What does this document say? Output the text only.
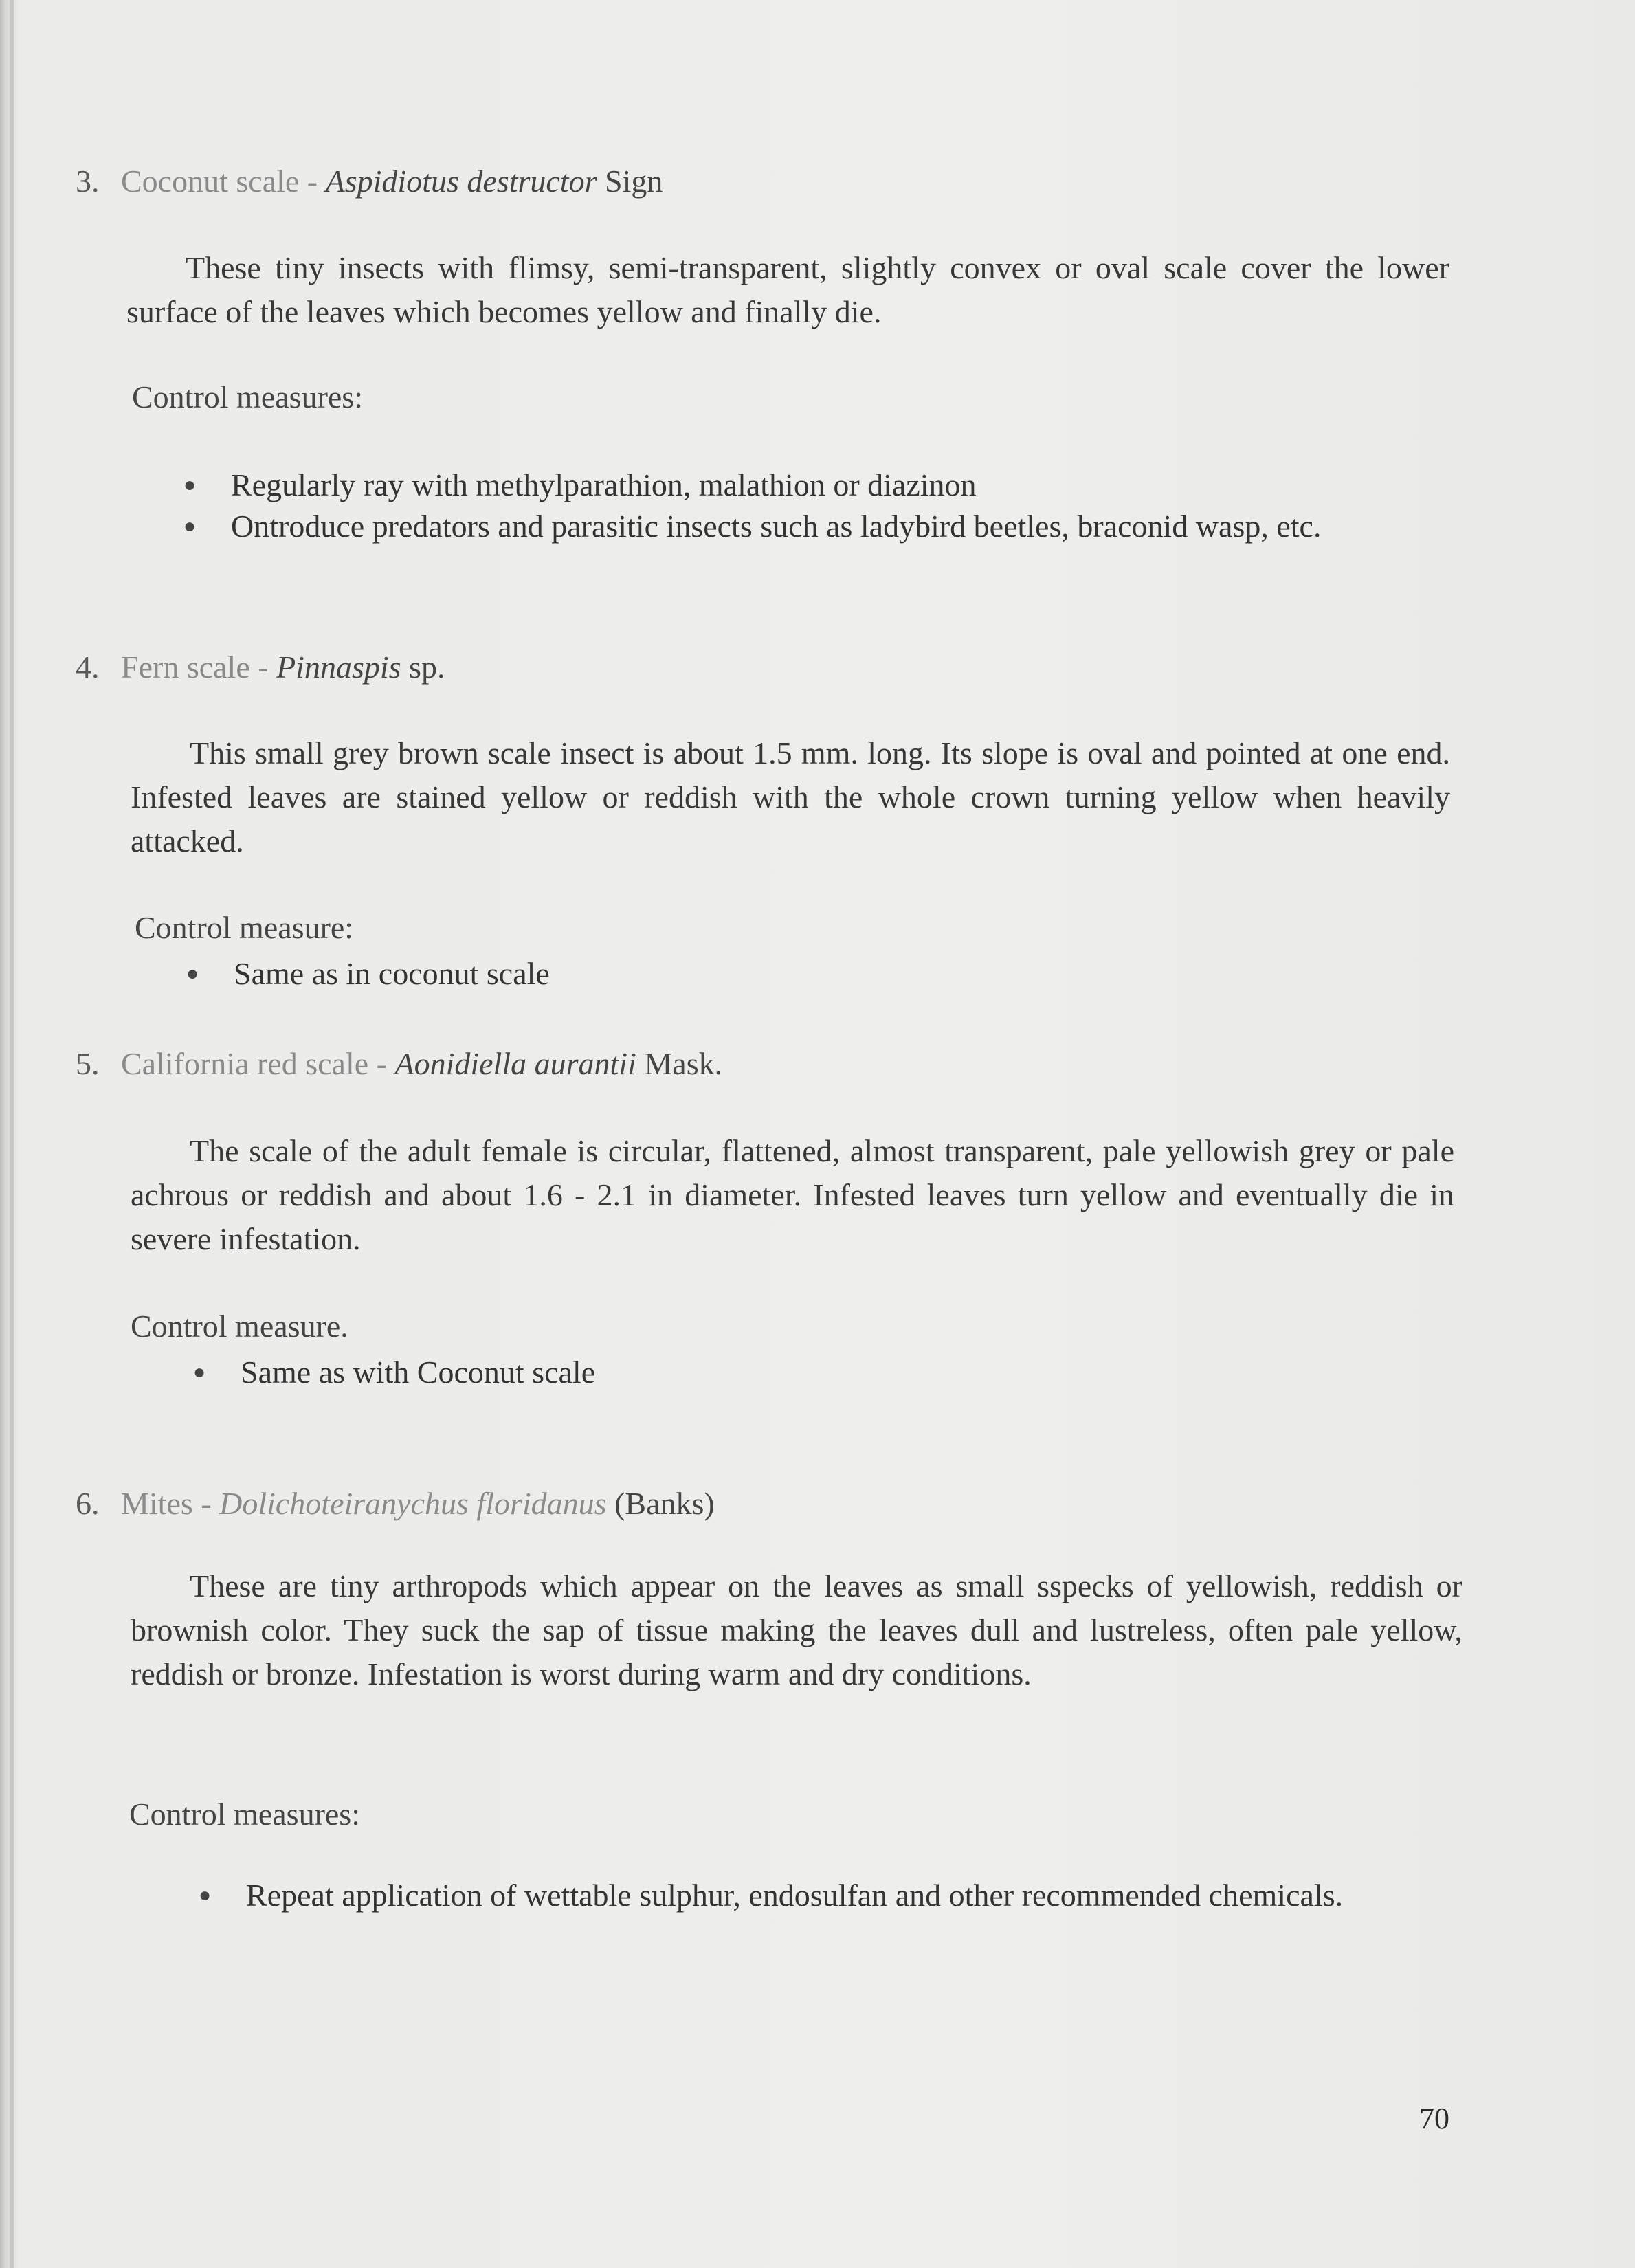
3. Coconut scale - Aspidiotus destructor Sign
These tiny insects with flimsy, semi-transparent, slightly convex or oval scale cover the lower surface of the leaves which becomes yellow and finally die.
Control measures:
● Regularly ray with methylparathion, malathion or diazinon
● Ontroduce predators and parasitic insects such as ladybird beetles, braconid wasp, etc.
4. Fern scale - Pinnaspis sp.
This small grey brown scale insect is about 1.5 mm. long. Its slope is oval and pointed at one end. Infested leaves are stained yellow or reddish with the whole crown turning yellow when heavily attacked.
Control measure:
● Same as in coconut scale
5. California red scale - Aonidiella aurantii Mask.
The scale of the adult female is circular, flattened, almost transparent, pale yellowish grey or pale achrous or reddish and about 1.6 - 2.1 in diameter. Infested leaves turn yellow and eventually die in severe infestation.
Control measure.
● Same as with Coconut scale
6. Mites - Dolichoteiranychus floridanus (Banks)
These are tiny arthropods which appear on the leaves as small sspecks of yellowish, reddish or brownish color. They suck the sap of tissue making the leaves dull and lustreless, often pale yellow, reddish or bronze. Infestation is worst during warm and dry conditions.
Control measures:
● Repeat application of wettable sulphur, endosulfan and other recommended chemicals.
70
